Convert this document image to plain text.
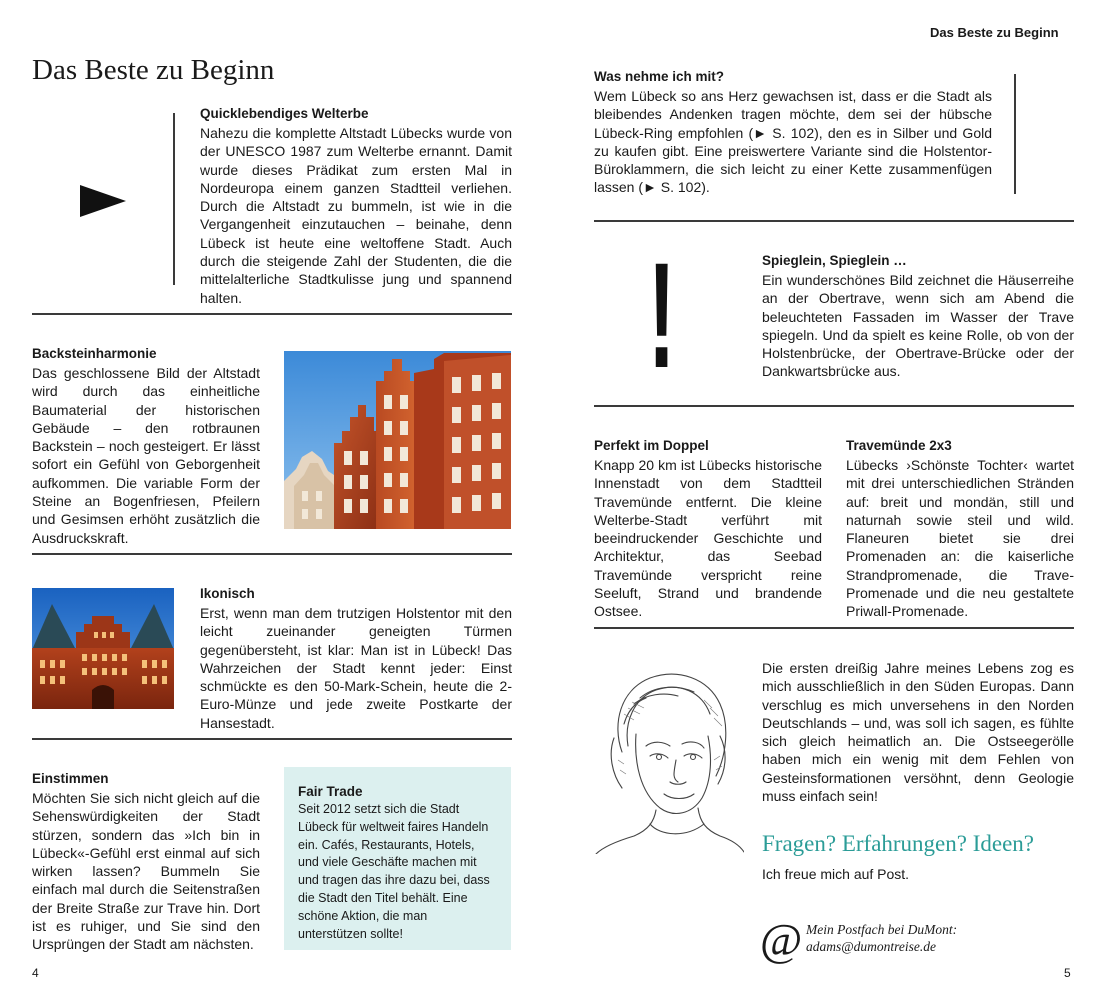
Das Beste zu Beginn
Das Beste zu Beginn
Quicklebendiges Welterbe
Nahezu die komplette Altstadt Lübecks wurde von der UNESCO 1987 zum Welterbe ernannt. Damit wurde dieses Prädikat zum ersten Mal in Nordeuropa einem ganzen Stadtteil verliehen. Durch die Altstadt zu bummeln, ist wie in die Vergangenheit einzutauchen – beinahe, denn Lübeck ist heute eine weltoffene Stadt. Auch durch die steigende Zahl der Studenten, die die mittelalterliche Stadtkulisse jung und spannend halten.
Backsteinharmonie
Das geschlossene Bild der Altstadt wird durch das einheitliche Baumaterial der historischen Gebäude – den rotbraunen Backstein – noch gesteigert. Er lässt sofort ein Gefühl von Geborgenheit aufkommen. Die variable Form der Steine an Bogenfriesen, Pfeilern und Gesimsen erhöht zusätzlich die Ausdruckskraft.
Ikonisch
Erst, wenn man dem trutzigen Holstentor mit den leicht zueinander geneigten Türmen gegenübersteht, ist klar: Man ist in Lübeck! Das Wahrzeichen der Stadt kennt jeder: Einst schmückte es den 50-Mark-Schein, heute die 2-Euro-Münze und jede zweite Postkarte der Hansestadt.
Einstimmen
Möchten Sie sich nicht gleich auf die Sehenswürdigkeiten der Stadt stürzen, sondern das »Ich bin in Lübeck«-Gefühl erst einmal auf sich wirken lassen? Bummeln Sie einfach mal durch die Seitenstraßen der Breite Straße zur Trave hin. Dort ist es ruhiger, und Sie sind den Ursprüngen der Stadt am nächsten.
Fair Trade
Seit 2012 setzt sich die Stadt Lübeck für weltweit faires Handeln ein. Cafés, Restaurants, Hotels, und viele Geschäfte machen mit und tragen das ihre dazu bei, dass die Stadt den Titel behält. Eine schöne Aktion, die man unterstützen sollte!
4
Was nehme ich mit?
Wem Lübeck so ans Herz gewachsen ist, dass er die Stadt als bleibendes Andenken tragen möchte, dem sei der hübsche Lübeck-Ring empfohlen (► S. 102), den es in Silber und Gold zu kaufen gibt. Eine preiswertere Variante sind die Holstentor-Büroklammern, die sich leicht zu einer Kette zusammenfügen lassen (► S. 102).
!	Spieglein, Spieglein …
Ein wunderschönes Bild zeichnet die Häuserreihe an der Obertrave, wenn sich am Abend die beleuchteten Fassaden im Wasser der Trave spiegeln. Und da spielt es keine Rolle, ob von der Holstenbrücke, der Obertrave-Brücke oder der Dankwartsbrücke aus.
Perfekt im Doppel
Knapp 20 km ist Lübecks historische Innenstadt von dem Stadtteil Travemünde entfernt. Die kleine Welterbe-Stadt verführt mit beeindruckender Geschichte und Architektur, das Seebad Travemünde verspricht reine Seeluft, Strand und brandende Ostsee.
Travemünde 2x3
Lübecks ›Schönste Tochter‹ wartet mit drei unterschiedlichen Stränden auf: breit und mondän, still und naturnah sowie steil und wild. Flaneuren bietet sie drei Promenaden an: die kaiserliche Strandpromenade, die Trave-Promenade und die neu gestaltete Priwall-Promenade.
Die ersten dreißig Jahre meines Lebens zog es mich ausschließlich in den Süden Europas. Dann verschlug es mich unversehens in den Norden Deutschlands – und, was soll ich sagen, es fühlte sich gleich heimatlich an. Die Ostseegeröllе haben mich ein wenig mit dem Fehlen von Gesteinsformationen versöhnt, denn Geologie muss einfach sein!
Fragen? Erfahrungen? Ideen?
Ich freue mich auf Post.
@ Mein Postfach bei DuMont:
adams@dumontreise.de
5
